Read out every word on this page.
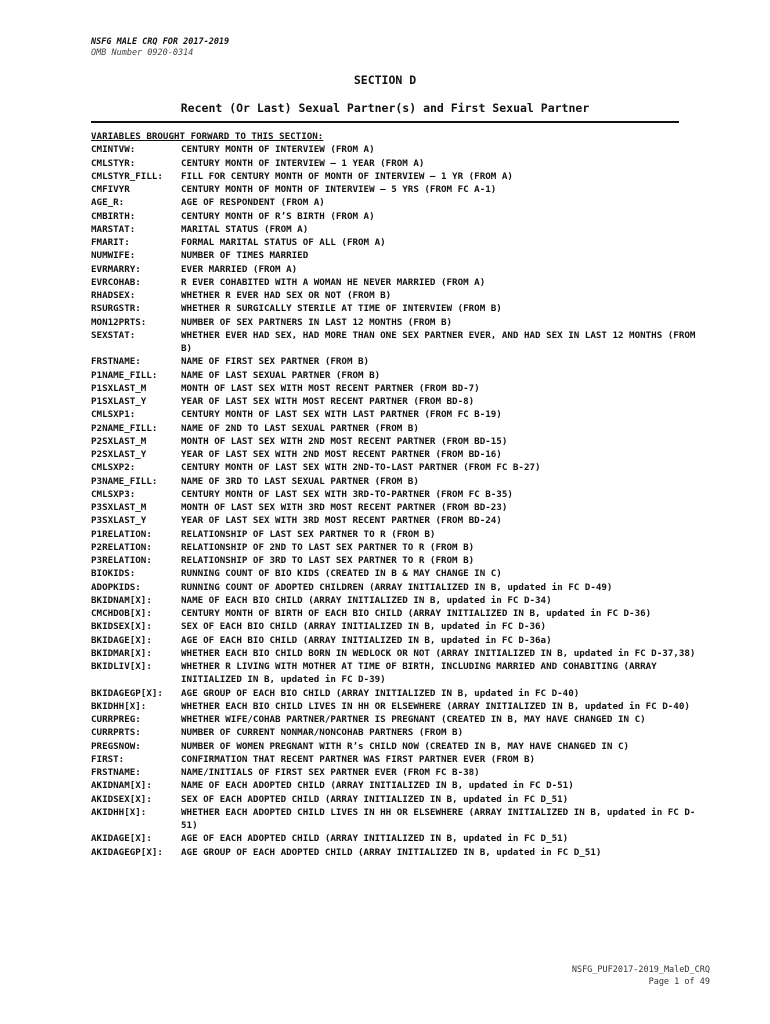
NSFG MALE CRQ FOR 2017-2019
OMB Number 0920-0314
SECTION D
Recent (Or Last) Sexual Partner(s) and First Sexual Partner
VARIABLES BROUGHT FORWARD TO THIS SECTION:
CMINTVW:	CENTURY MONTH OF INTERVIEW (FROM A)
CMLSTYR:	CENTURY MONTH OF INTERVIEW – 1 YEAR (FROM A)
CMLSTYR_FILL:	FILL FOR CENTURY MONTH OF MONTH OF INTERVIEW – 1 YR (FROM A)
CMFIVYR	CENTURY MONTH OF MONTH OF INTERVIEW – 5 YRS (FROM FC A-1)
AGE_R:	AGE OF RESPONDENT (FROM A)
CMBIRTH:	CENTURY MONTH OF R’S BIRTH (FROM A)
MARSTAT:	MARITAL STATUS (FROM A)
FMARIT:	FORMAL MARITAL STATUS OF ALL (FROM A)
NUMWIFE:	NUMBER OF TIMES MARRIED
EVRMARRY:	EVER MARRIED (FROM A)
EVRCOHAB:	R EVER COHABITED WITH A WOMAN HE NEVER MARRIED (FROM A)
RHADSEX:	WHETHER R EVER HAD SEX OR NOT (FROM B)
RSURGSTR:	WHETHER R SURGICALLY STERILE AT TIME OF INTERVIEW (FROM B)
MON12PRTS:	NUMBER OF SEX PARTNERS IN LAST 12 MONTHS (FROM B)
SEXSTAT:	WHETHER EVER HAD SEX, HAD MORE THAN ONE SEX PARTNER EVER, AND HAD SEX IN LAST 12 MONTHS (FROM B)
FRSTNAME:	NAME OF FIRST SEX PARTNER (FROM B)
P1NAME_FILL:	NAME OF LAST SEXUAL PARTNER (FROM B)
P1SXLAST_M	MONTH OF LAST SEX WITH MOST RECENT PARTNER (FROM BD-7)
P1SXLAST_Y	YEAR OF LAST SEX WITH MOST RECENT PARTNER (FROM BD-8)
CMLSXP1:	CENTURY MONTH OF LAST SEX WITH LAST PARTNER (FROM FC B-19)
P2NAME_FILL:	NAME OF 2ND TO LAST SEXUAL PARTNER (FROM B)
P2SXLAST_M	MONTH OF LAST SEX WITH 2ND MOST RECENT PARTNER (FROM BD-15)
P2SXLAST_Y	YEAR OF LAST SEX WITH 2ND MOST RECENT PARTNER (FROM BD-16)
CMLSXP2:	CENTURY MONTH OF LAST SEX WITH 2ND-TO-LAST PARTNER (FROM FC B-27)
P3NAME_FILL:	NAME OF 3RD TO LAST SEXUAL PARTNER (FROM B)
CMLSXP3:	CENTURY MONTH OF LAST SEX WITH 3RD-TO-PARTNER (FROM FC B-35)
P3SXLAST_M	MONTH OF LAST SEX WITH 3RD MOST RECENT PARTNER (FROM BD-23)
P3SXLAST_Y	YEAR OF LAST SEX WITH 3RD MOST RECENT PARTNER (FROM BD-24)
P1RELATION:	RELATIONSHIP OF LAST SEX PARTNER TO R (FROM B)
P2RELATION:	RELATIONSHIP OF 2ND TO LAST SEX PARTNER TO R (FROM B)
P3RELATION:	RELATIONSHIP OF 3RD TO LAST SEX PARTNER TO R (FROM B)
BIOKIDS:	RUNNING COUNT OF BIO KIDS (CREATED IN B & MAY CHANGE IN C)
ADOPKIDS:	RUNNING COUNT OF ADOPTED CHILDREN (ARRAY INITIALIZED IN B, updated in FC D-49)
BKIDNAM[X]:	NAME OF EACH BIO CHILD (ARRAY INITIALIZED IN B, updated in FC D-34)
CMCHDOB[X]:	CENTURY MONTH OF BIRTH OF EACH BIO CHILD (ARRAY INITIALIZED IN B, updated in FC D-36)
BKIDSEX[X]:	SEX OF EACH BIO CHILD (ARRAY INITIALIZED IN B, updated in FC D-36)
BKIDAGE[X]:	AGE OF EACH BIO CHILD (ARRAY INITIALIZED IN B, updated in FC D-36a)
BKIDMAR[X]:	WHETHER EACH BIO CHILD BORN IN WEDLOCK OR NOT (ARRAY INITIALIZED IN B, updated in FC D-37,38)
BKIDLIV[X]:	WHETHER R LIVING WITH MOTHER AT TIME OF BIRTH, INCLUDING MARRIED AND COHABITING (ARRAY INITIALIZED IN B, updated in FC D-39)
BKIDAGEGP[X]:	AGE GROUP OF EACH BIO CHILD (ARRAY INITIALIZED IN B, updated in FC D-40)
BKIDHH[X]:	WHETHER EACH BIO CHILD LIVES IN HH OR ELSEWHERE (ARRAY INITIALIZED IN B, updated in FC D-40)
CURRPREG:	WHETHER WIFE/COHAB PARTNER/PARTNER IS PREGNANT (CREATED IN B, MAY HAVE CHANGED IN C)
CURRPRTS:	NUMBER OF CURRENT NONMAR/NONCOHAB PARTNERS (FROM B)
PREGSNOW:	NUMBER OF WOMEN PREGNANT WITH R’s CHILD NOW (CREATED IN B, MAY HAVE CHANGED IN C)
FIRST:	CONFIRMATION THAT RECENT PARTNER WAS FIRST PARTNER EVER (FROM B)
FRSTNAME:	NAME/INITIALS OF FIRST SEX PARTNER EVER (FROM FC B-38)
AKIDNAM[X]:	NAME OF EACH ADOPTED CHILD (ARRAY INITIALIZED IN B, updated in FC D-51)
AKIDSEX[X]:	SEX OF EACH ADOPTED CHILD (ARRAY INITIALIZED IN B, updated in FC D_51)
AKIDHH[X]:	WHETHER EACH ADOPTED CHILD LIVES IN HH OR ELSEWHERE (ARRAY INITIALIZED IN B, updated in FC D-51)
AKIDAGE[X]:	AGE OF EACH ADOPTED CHILD (ARRAY INITIALIZED IN B, updated in FC D_51)
AKIDAGEGP[X]:	AGE GROUP OF EACH ADOPTED CHILD (ARRAY INITIALIZED IN B, updated in FC D_51)
NSFG_PUF2017-2019_MaleD_CRQ
Page 1 of 49
